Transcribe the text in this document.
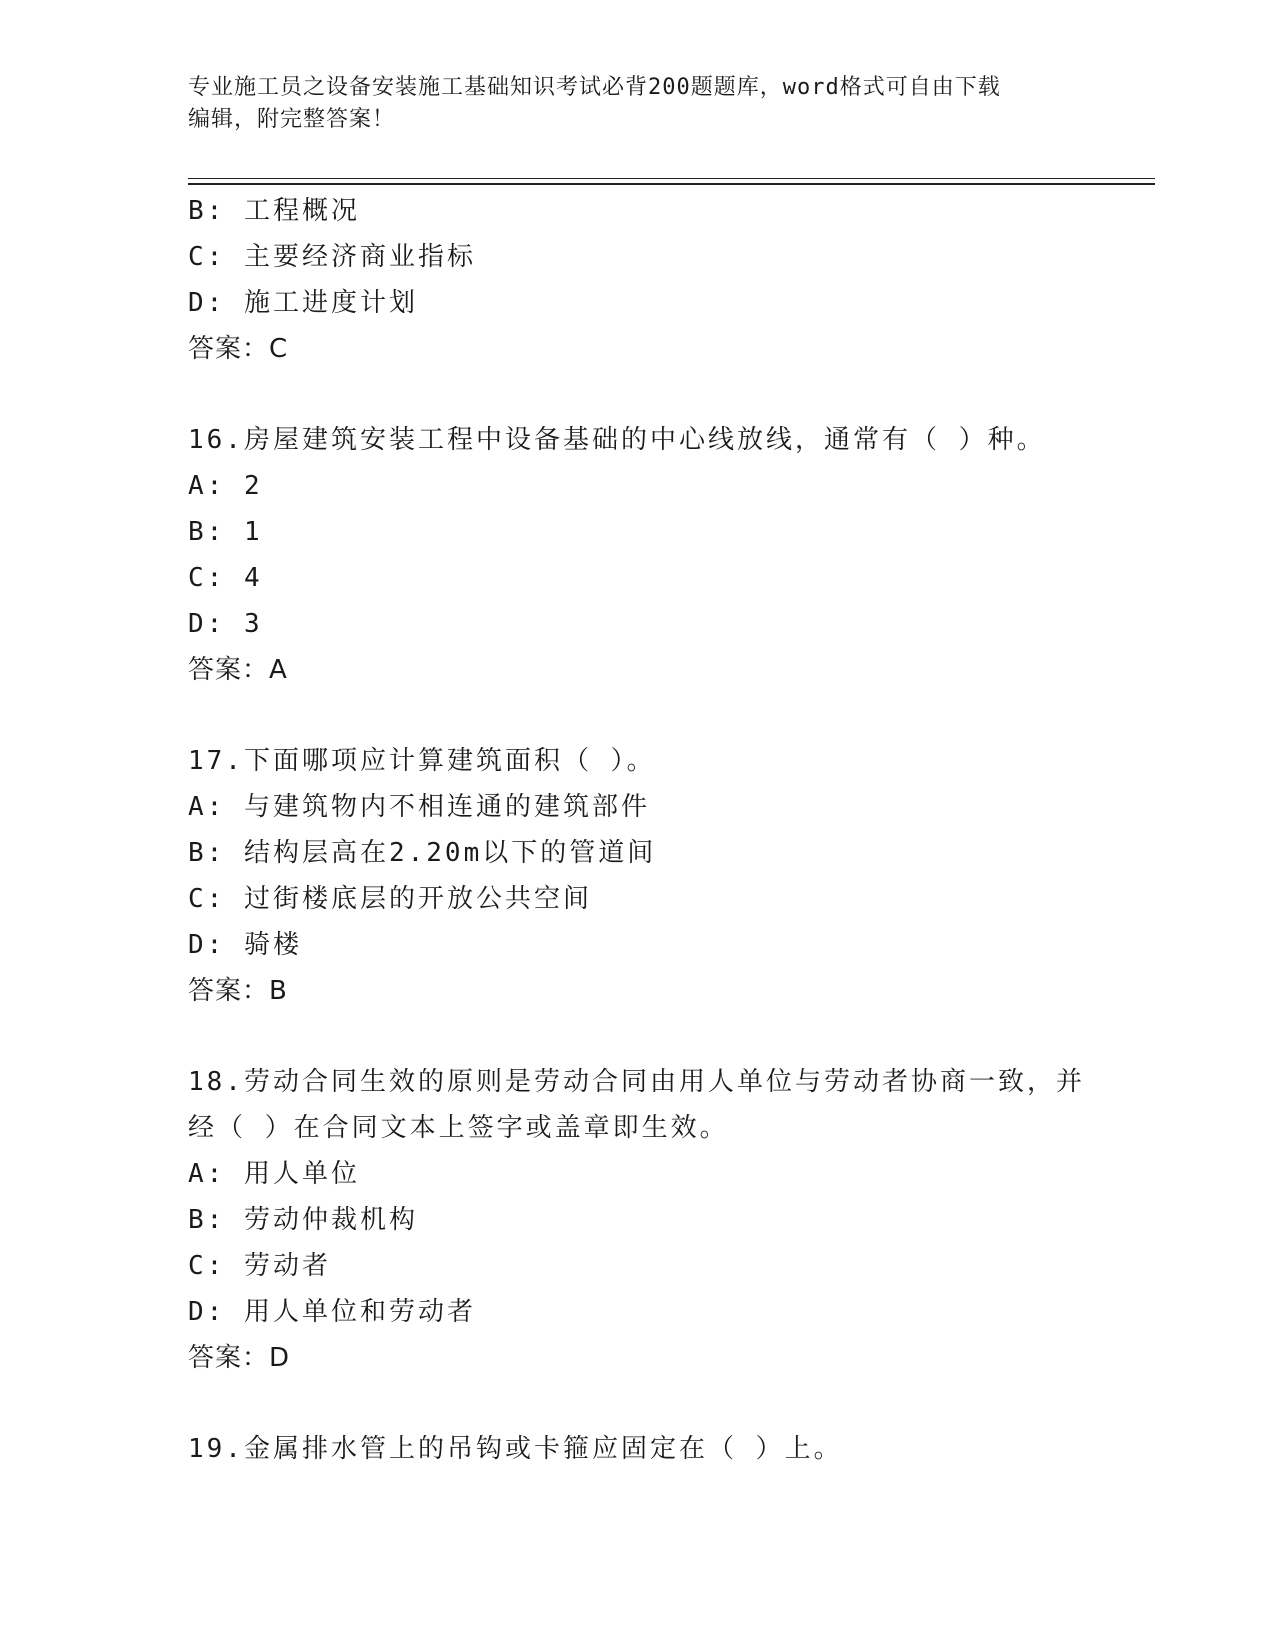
专业施工员之设备安装施工基础知识考试必背200题题库，word格式可自由下载
编辑，附完整答案！
B: 工程概况
C: 主要经济商业指标
D: 施工进度计划
答案：C
16.房屋建筑安装工程中设备基础的中心线放线，通常有（ ）种。
A: 2
B: 1
C: 4
D: 3
答案：A
17.下面哪项应计算建筑面积（ ）。
A: 与建筑物内不相连通的建筑部件
B: 结构层高在2.20m以下的管道间
C: 过街楼底层的开放公共空间
D: 骑楼
答案：B
18.劳动合同生效的原则是劳动合同由用人单位与劳动者协商一致，并
经（ ）在合同文本上签字或盖章即生效。
A: 用人单位
B: 劳动仲裁机构
C: 劳动者
D: 用人单位和劳动者
答案：D
19.金属排水管上的吊钩或卡箍应固定在（ ）上。
